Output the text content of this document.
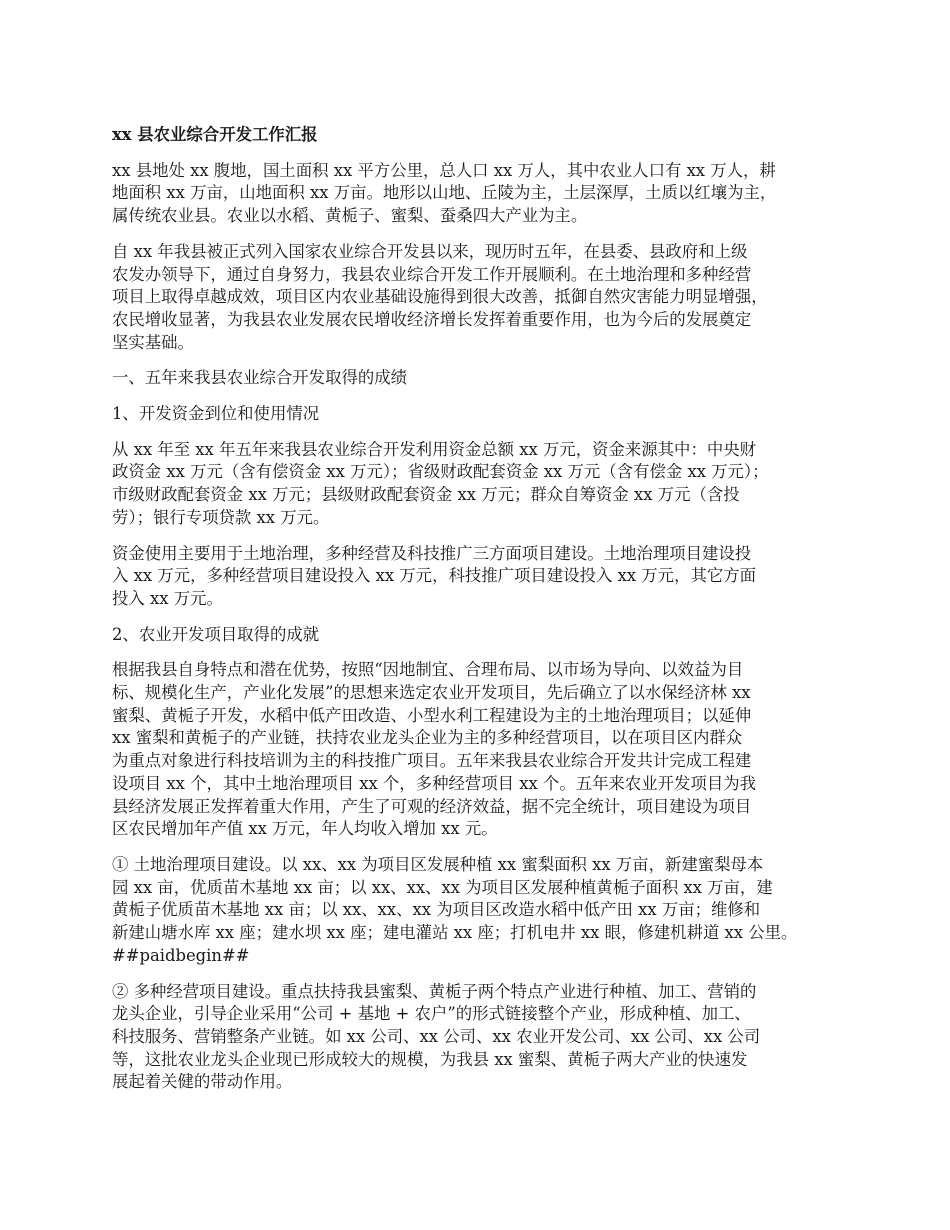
xx 县农业综合开发工作汇报
xx 县地处 xx 腹地，国土面积 xx 平方公里，总人口 xx 万人，其中农业人口有 xx 万人，耕
地面积 xx 万亩，山地面积 xx 万亩。地形以山地、丘陵为主，土层深厚，土质以红壤为主，
属传统农业县。农业以水稻、黄栀子、蜜梨、蚕桑四大产业为主。
自 xx 年我县被正式列入国家农业综合开发县以来，现历时五年，在县委、县政府和上级
农发办领导下，通过自身努力，我县农业综合开发工作开展顺利。在土地治理和多种经营
项目上取得卓越成效，项目区内农业基础设施得到很大改善，抵御自然灾害能力明显增强，
农民增收显著，为我县农业发展农民增收经济增长发挥着重要作用，也为今后的发展奠定
坚实基础。
一、五年来我县农业综合开发取得的成绩
1、开发资金到位和使用情况
从 xx 年至 xx 年五年来我县农业综合开发利用资金总额 xx 万元，资金来源其中：中央财
政资金 xx 万元（含有偿资金 xx 万元）；省级财政配套资金 xx 万元（含有偿金 xx 万元）；
市级财政配套资金 xx 万元；县级财政配套资金 xx 万元；群众自筹资金 xx 万元（含投
劳）；银行专项贷款 xx 万元。
资金使用主要用于土地治理，多种经营及科技推广三方面项目建设。土地治理项目建设投
入 xx 万元，多种经营项目建设投入 xx 万元，科技推广项目建设投入 xx 万元，其它方面
投入 xx 万元。
2、农业开发项目取得的成就
根据我县自身特点和潜在优势，按照“因地制宜、合理布局、以市场为导向、以效益为目
标、规模化生产，产业化发展”的思想来选定农业开发项目，先后确立了以水保经济林 xx
蜜梨、黄栀子开发，水稻中低产田改造、小型水利工程建设为主的土地治理项目；以延伸
xx 蜜梨和黄栀子的产业链，扶持农业龙头企业为主的多种经营项目，以在项目区内群众
为重点对象进行科技培训为主的科技推广项目。五年来我县农业综合开发共计完成工程建
设项目 xx 个，其中土地治理项目 xx 个，多种经营项目 xx 个。五年来农业开发项目为我
县经济发展正发挥着重大作用，产生了可观的经济效益，据不完全统计，项目建设为项目
区农民增加年产值 xx 万元，年人均收入增加 xx 元。
① 土地治理项目建设。以 xx、xx 为项目区发展种植 xx 蜜梨面积 xx 万亩，新建蜜梨母本
园 xx 亩，优质苗木基地 xx 亩；以 xx、xx、xx 为项目区发展种植黄栀子面积 xx 万亩，建
黄栀子优质苗木基地 xx 亩；以 xx、xx、xx 为项目区改造水稻中低产田 xx 万亩；维修和
新建山塘水库 xx 座；建水坝 xx 座；建电灌站 xx 座；打机电井 xx 眼，修建机耕道 xx 公里。
##paidbegin##
② 多种经营项目建设。重点扶持我县蜜梨、黄栀子两个特点产业进行种植、加工、营销的
龙头企业，引导企业采用“公司 + 基地 + 农户”的形式链接整个产业，形成种植、加工、
科技服务、营销整条产业链。如 xx 公司、xx 公司、xx 农业开发公司、xx 公司、xx 公司
等，这批农业龙头企业现已形成较大的规模，为我县 xx 蜜梨、黄栀子两大产业的快速发
展起着关健的带动作用。
